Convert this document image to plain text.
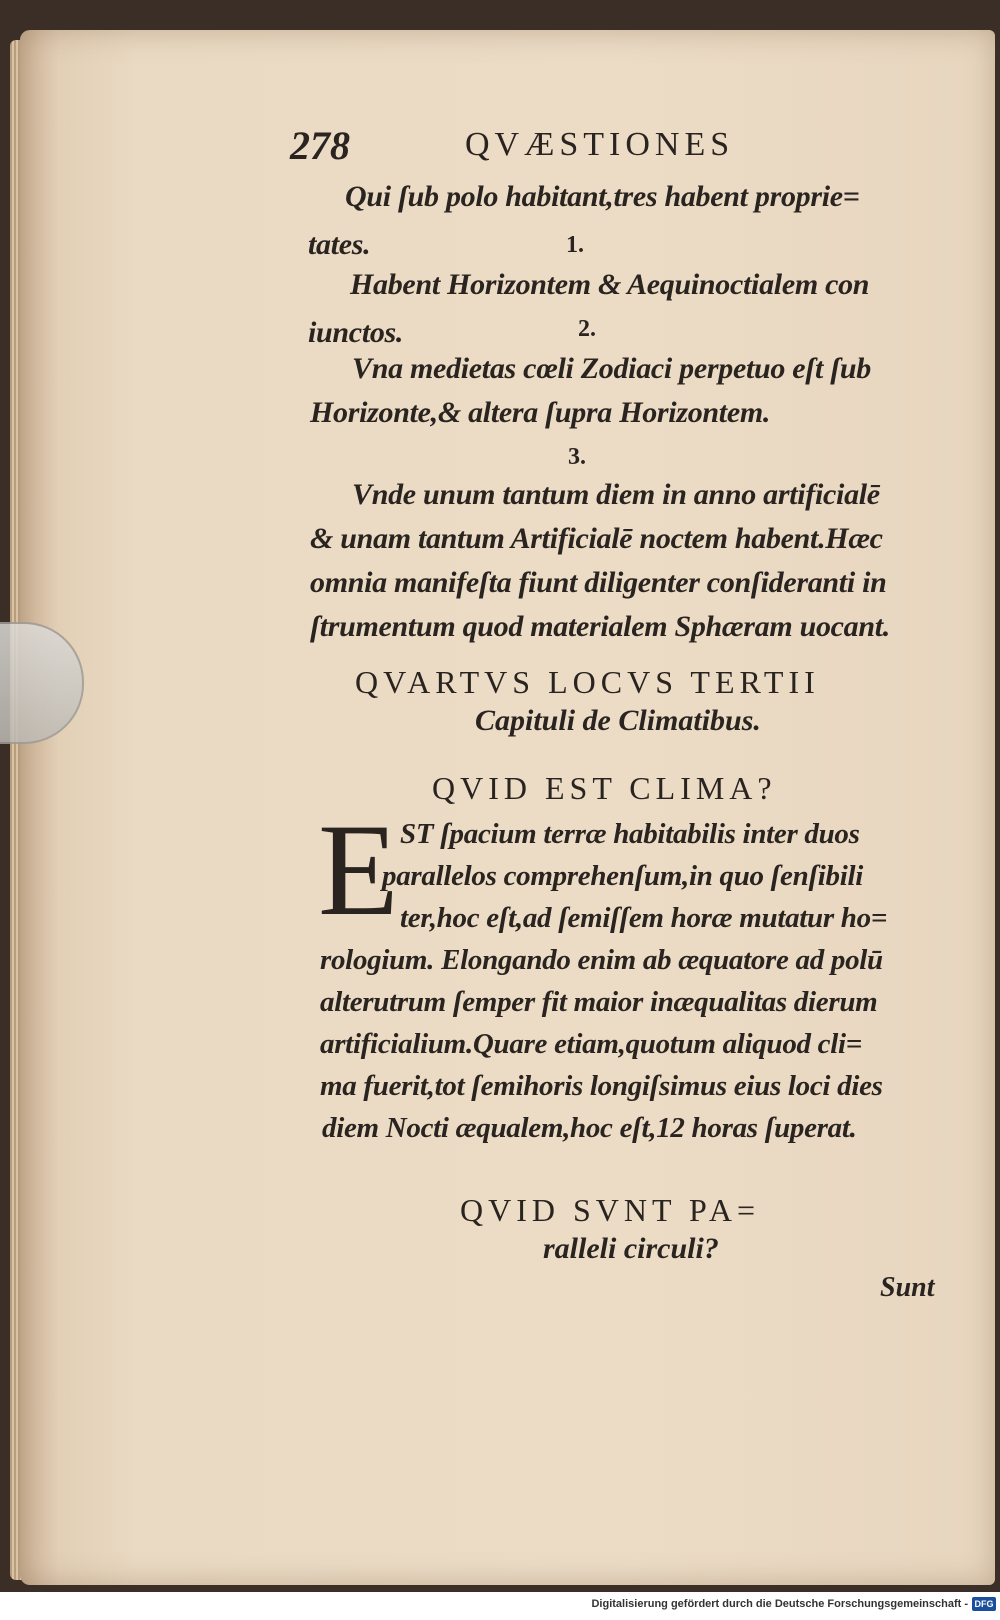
278	QVÆSTIONES
Qui ſub polo habitant,tres habent proprie=
tates.	1.
Habent Horizontem & Aequinoctialem con
iunctos.	2.
Vna medietas cœli Zodiaci perpetuo eſt ſub
Horizonte,& altera ſupra Horizontem.
3.
Vnde unum tantum diem in anno artificialē
& unam tantum Artificialē noctem habent.Hæc
omnia manifeſta fiunt diligenter conſideranti in
ſtrumentum quod materialem Sphæram uocant.
QVARTVS LOCVS TERTII
Capituli de Climatibus.
QVID EST CLIMA?
E ST ſpacium terræ habitabilis inter duos
parallelos comprehenſum,in quo ſenſibili
ter,hoc eſt,ad ſemiſſem horæ mutatur ho=
rologium. Elongando enim ab æquatore ad polū
alterutrum ſemper fit maior inæqualitas dierum
artificialium.Quare etiam,quotum aliquod cli=
ma fuerit,tot ſemihoris longiſsimus eius loci dies
diem Nocti æqualem,hoc eſt,12 horas ſuperat.
QVID SVNT PA=
ralleli circuli?
Sunt
Digitalisierung gefördert durch die Deutsche Forschungsgemeinschaft - DFG
